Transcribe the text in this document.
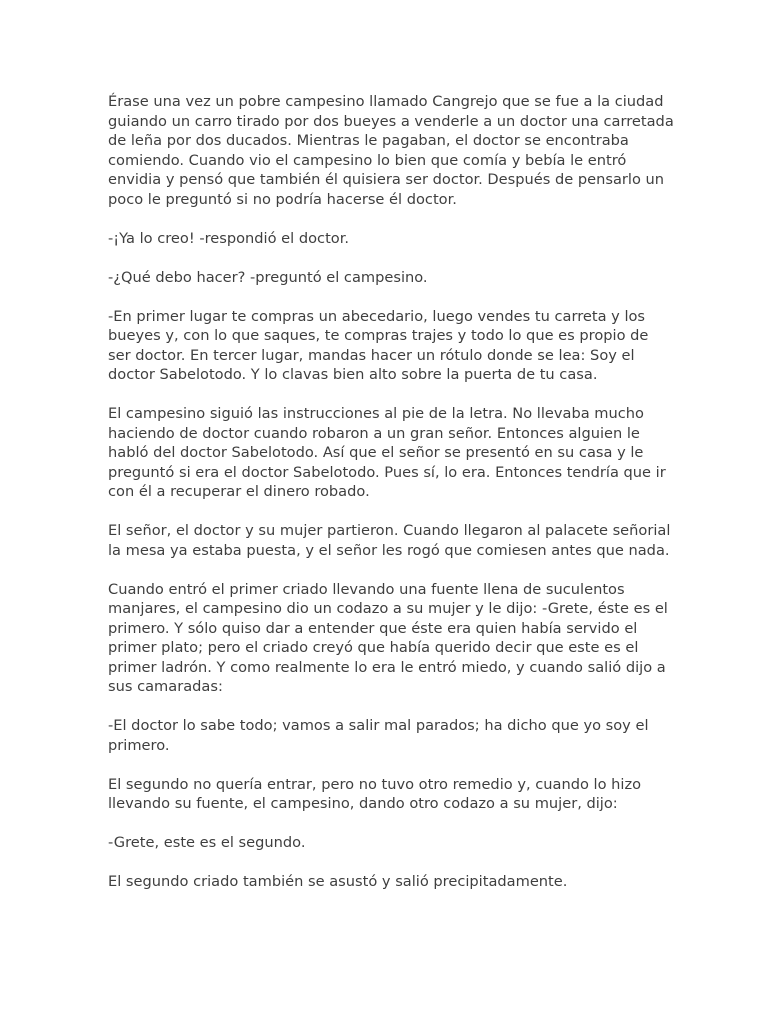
Érase una vez un pobre campesino llamado Cangrejo que se fue a la ciudad guiando un carro tirado por dos bueyes a venderle a un doctor una carretada de leña por dos ducados. Mientras le pagaban, el doctor se encontraba comiendo. Cuando vio el campesino lo bien que comía y bebía le entró envidia y pensó que también él quisiera ser doctor. Después de pensarlo un poco le preguntó si no podría hacerse él doctor.

-¡Ya lo creo! -respondió el doctor.

-¿Qué debo hacer? -preguntó el campesino.

-En primer lugar te compras un abecedario, luego vendes tu carreta y los bueyes y, con lo que saques, te compras trajes y todo lo que es propio de ser doctor. En tercer lugar, mandas hacer un rótulo donde se lea: Soy el doctor Sabelotodo. Y lo clavas bien alto sobre la puerta de tu casa.

El campesino siguió las instrucciones al pie de la letra. No llevaba mucho haciendo de doctor cuando robaron a un gran señor. Entonces alguien le habló del doctor Sabelotodo. Así que el señor se presentó en su casa y le preguntó si era el doctor Sabelotodo. Pues sí, lo era. Entonces tendría que ir con él a recuperar el dinero robado.

El señor, el doctor y su mujer partieron. Cuando llegaron al palacete señorial la mesa ya estaba puesta, y el señor les rogó que comiesen antes que nada.

Cuando entró el primer criado llevando una fuente llena de suculentos manjares, el campesino dio un codazo a su mujer y le dijo: -Grete, éste es el primero. Y sólo quiso dar a entender que éste era quien había servido el primer plato; pero el criado creyó que había querido decir que este es el primer ladrón. Y como realmente lo era le entró miedo, y cuando salió dijo a sus camaradas:

-El doctor lo sabe todo; vamos a salir mal parados; ha dicho que yo soy el primero.

El segundo no quería entrar, pero no tuvo otro remedio y, cuando lo hizo llevando su fuente, el campesino, dando otro codazo a su mujer, dijo:

-Grete, este es el segundo.

El segundo criado también se asustó y salió precipitadamente.
